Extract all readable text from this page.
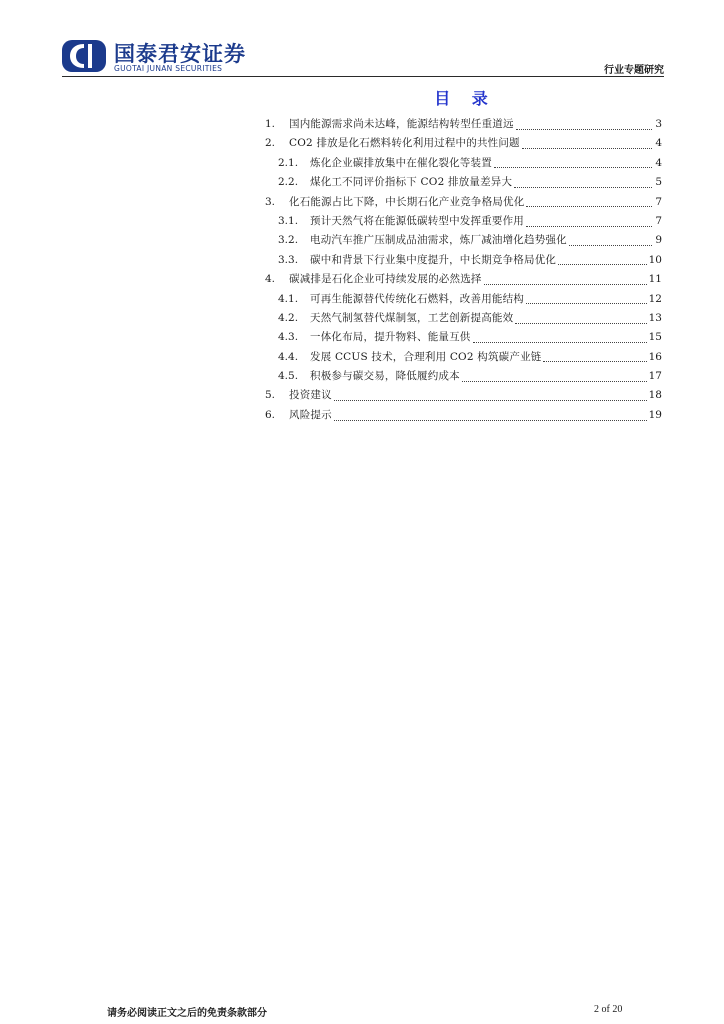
国泰君安证券
GUOTAI JUNAN SECURITIES	行业专题研究
目 录
1.	国内能源需求尚未达峰，能源结构转型任重道远	3
2.	CO2 排放是化石燃料转化利用过程中的共性问题	4
2.1.	炼化企业碳排放集中在催化裂化等装置	4
2.2.	煤化工不同评价指标下 CO2 排放量差异大	5
3.	化石能源占比下降，中长期石化产业竞争格局优化	7
3.1.	预计天然气将在能源低碳转型中发挥重要作用	7
3.2.	电动汽车推广压制成品油需求，炼厂减油增化趋势强化	9
3.3.	碳中和背景下行业集中度提升，中长期竞争格局优化	10
4.	碳减排是石化企业可持续发展的必然选择	11
4.1.	可再生能源替代传统化石燃料，改善用能结构	12
4.2.	天然气制氢替代煤制氢，工艺创新提高能效	13
4.3.	一体化布局，提升物料、能量互供	15
4.4.	发展 CCUS 技术，合理利用 CO2 构筑碳产业链	16
4.5.	积极参与碳交易，降低履约成本	17
5.	投资建议	18
6.	风险提示	19
请务必阅读正文之后的免责条款部分	2 of 20
